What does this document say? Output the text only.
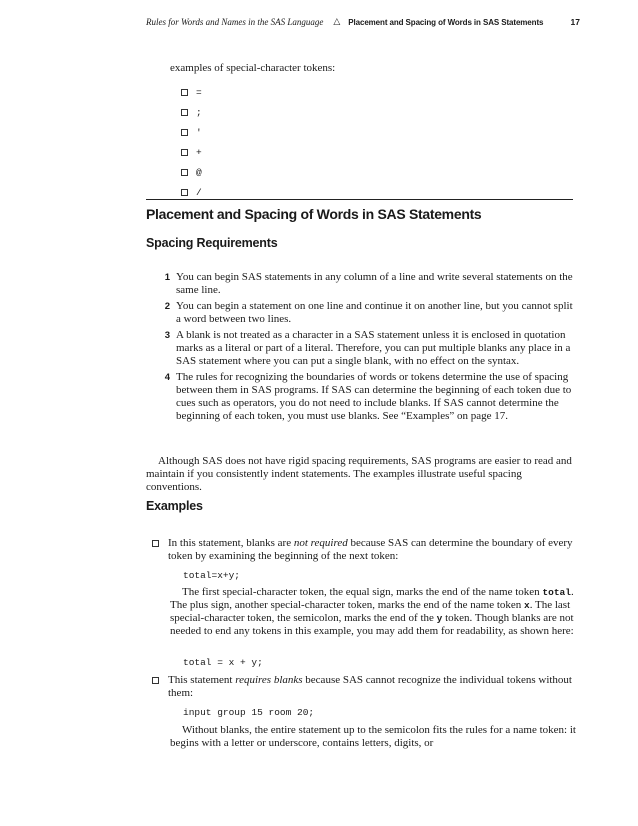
Rules for Words and Names in the SAS Language △ Placement and Spacing of Words in SAS Statements	17
examples of special-character tokens:
=
;
'
+
@
/
Placement and Spacing of Words in SAS Statements
Spacing Requirements
1 You can begin SAS statements in any column of a line and write several statements on the same line.
2 You can begin a statement on one line and continue it on another line, but you cannot split a word between two lines.
3 A blank is not treated as a character in a SAS statement unless it is enclosed in quotation marks as a literal or part of a literal. Therefore, you can put multiple blanks any place in a SAS statement where you can put a single blank, with no effect on the syntax.
4 The rules for recognizing the boundaries of words or tokens determine the use of spacing between them in SAS programs. If SAS can determine the beginning of each token due to cues such as operators, you do not need to include blanks. If SAS cannot determine the beginning of each token, you must use blanks. See “Examples” on page 17.

Although SAS does not have rigid spacing requirements, SAS programs are easier to read and maintain if you consistently indent statements. The examples illustrate useful spacing conventions.

Examples
In this statement, blanks are not required because SAS can determine the boundary of every token by examining the beginning of the next token:
total=x+y;

The first special-character token, the equal sign, marks the end of the name token total. The plus sign, another special-character token, marks the end of the name token x. The last special-character token, the semicolon, marks the end of the y token. Though blanks are not needed to end any tokens in this example, you may add them for readability, as shown here:

total = x + y;
This statement requires blanks because SAS cannot recognize the individual tokens without them:
input group 15 room 20;

Without blanks, the entire statement up to the semicolon fits the rules for a name token: it begins with a letter or underscore, contains letters, digits, or
